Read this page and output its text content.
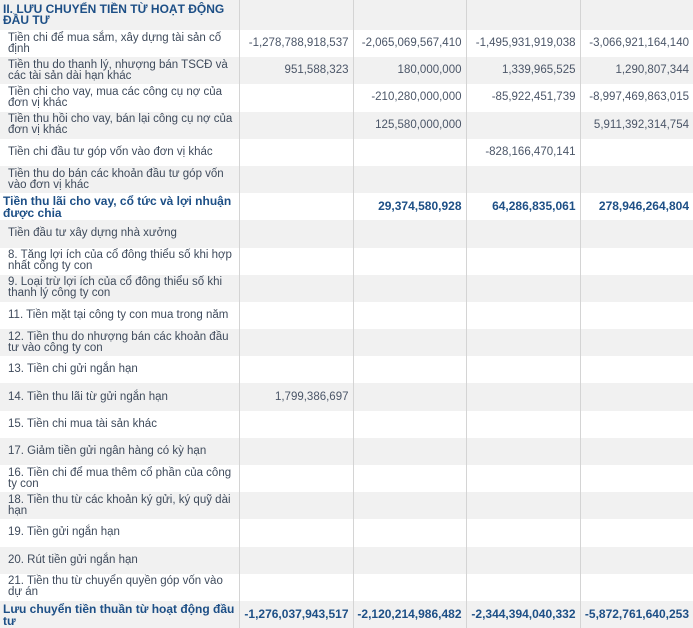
II. LƯU CHUYỂN TIỀN TỪ HOẠT ĐỘNG ĐẦU TƯ				
Tiền chi để mua sắm, xây dựng tài sản cố định	-1,278,788,918,537	-2,065,069,567,410	-1,495,931,919,038	-3,066,921,164,140
Tiền thu do thanh lý, nhượng bán TSCĐ và các tài sản dài hạn khác	951,588,323	180,000,000	1,339,965,525	1,290,807,344
Tiền chi cho vay, mua các công cụ nợ của đơn vị khác		-210,280,000,000	-85,922,451,739	-8,997,469,863,015
Tiền thu hồi cho vay, bán lại công cụ nợ của đơn vị khác		125,580,000,000		5,911,392,314,754
Tiền chi đầu tư góp vốn vào đơn vị khác			-828,166,470,141	
Tiền thu do bán các khoản đầu tư góp vốn vào đơn vị khác				
Tiền thu lãi cho vay, cổ tức và lợi nhuận được chia		29,374,580,928	64,286,835,061	278,946,264,804
Tiền đầu tư xây dựng nhà xưởng				
8. Tăng lợi ích của cổ đông thiểu số khi hợp nhất công ty con				
9. Loại trừ lợi ích của cổ đông thiểu số khi thanh lý công ty con				
11. Tiền mặt tại công ty con mua trong năm				
12. Tiền thu do nhượng bán các khoản đầu tư vào công ty con				
13. Tiền chi gửi ngắn hạn				
14. Tiền thu lãi từ gửi ngắn hạn	1,799,386,697			
15. Tiền chi mua tài sản khác				
17. Giảm tiền gửi ngân hàng có kỳ hạn				
16. Tiền chi để mua thêm cổ phần của công ty con				
18. Tiền thu từ các khoản ký gửi, ký quỹ dài hạn				
19. Tiền gửi ngắn hạn				
20. Rút tiền gửi ngắn hạn				
21. Tiền thu từ chuyển quyền góp vốn vào dự án				
Lưu chuyển tiền thuần từ hoạt động đầu tư	-1,276,037,943,517	-2,120,214,986,482	-2,344,394,040,332	-5,872,761,640,253
